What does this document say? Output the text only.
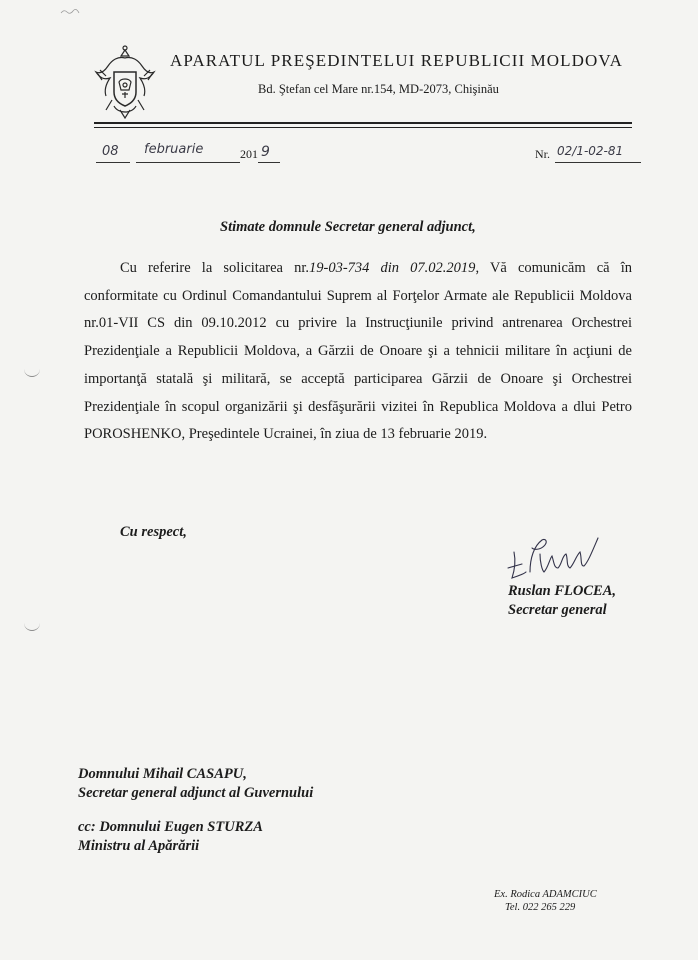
APARATUL PREŞEDINTELUI REPUBLICII MOLDOVA
Bd. Ştefan cel Mare nr.154, MD-2073, Chişinău
08 februarie	201 9	Nr. 02/1-02-81
Stimate domnule Secretar general adjunct,

Cu referire la solicitarea nr.19-03-734 din 07.02.2019, Vă comunicăm că în conformitate cu Ordinul Comandantului Suprem al Forţelor Armate ale Republicii Moldova nr.01-VII CS din 09.10.2012 cu privire la Instrucţiunile privind antrenarea Orchestrei Prezidenţiale a Republicii Moldova, a Gărzii de Onoare şi a tehnicii militare în acţiuni de importanţă statală şi militară, se acceptă participarea Gărzii de Onoare şi Orchestrei Prezidenţiale în scopul organizării şi desfăşurării vizitei în Republica Moldova a dlui Petro POROSHENKO, Preşedintele Ucrainei, în ziua de 13 februarie 2019.

Cu respect,
Ruslan FLOCEA,
Secretar general
Domnului Mihail CASAPU,
Secretar general adjunct al Guvernului
cc: Domnului Eugen STURZA
Ministru al Apărării
Ex. Rodica ADAMCIUC
Tel. 022 265 229
